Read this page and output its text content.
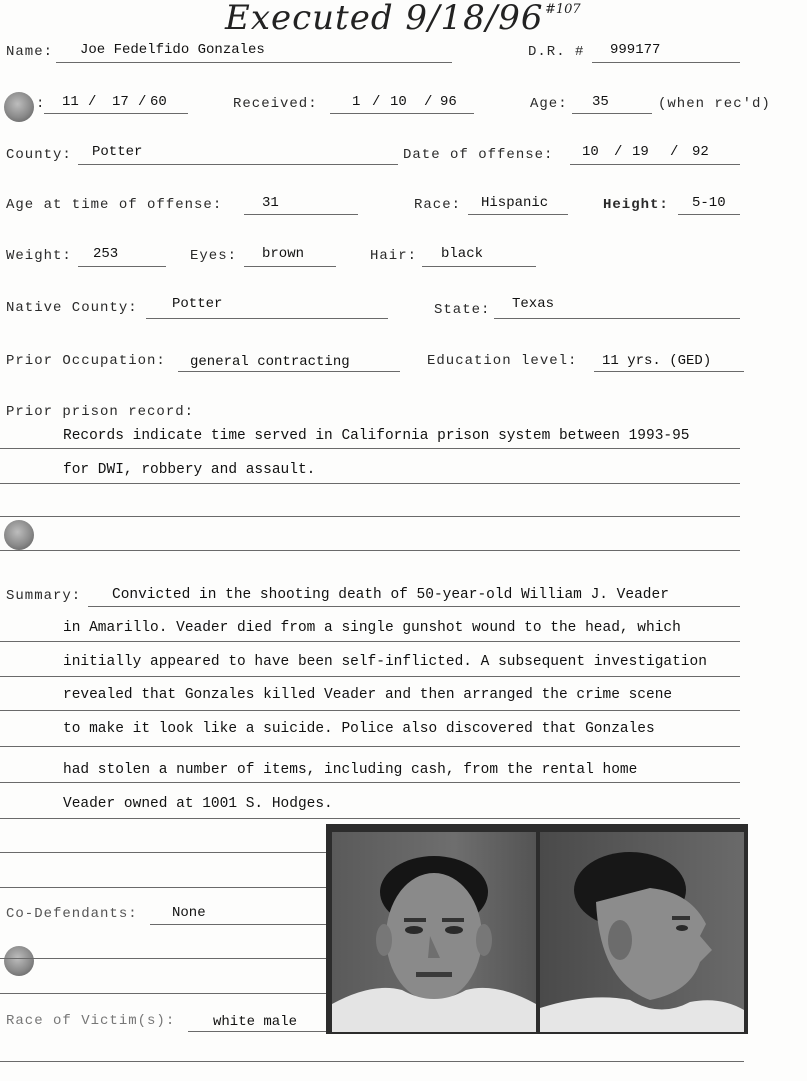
Executed 9/18/96 #107
Name: Joe Fedelfido Gonzales	D.R. # 999177
: 11 / 17 / 60	Received: 1 / 10 / 96	Age: 35	(when rec'd)
County: Potter	Date of offense: 10 / 19 / 92
Age at time of offense:	31	Race: Hispanic	Height: 5-10
Weight: 253	Eyes: brown	Hair: black
Native County: Potter	State: Texas
Prior Occupation: general contracting	Education level: 11 yrs. (GED)
Prior prison record:
Records indicate time served in California prison system between 1993-95
for DWI, robbery and assault.
Summary: Convicted in the shooting death of 50-year-old William J. Veader
in Amarillo. Veader died from a single gunshot wound to the head, which
initially appeared to have been self-inflicted. A subsequent investigation
revealed that Gonzales killed Veader and then arranged the crime scene
to make it look like a suicide. Police also discovered that Gonzales
had stolen a number of items, including cash, from the rental home
Veader owned at 1001 S. Hodges.
Co-Defendants: None
Race of Victim(s):	white male
